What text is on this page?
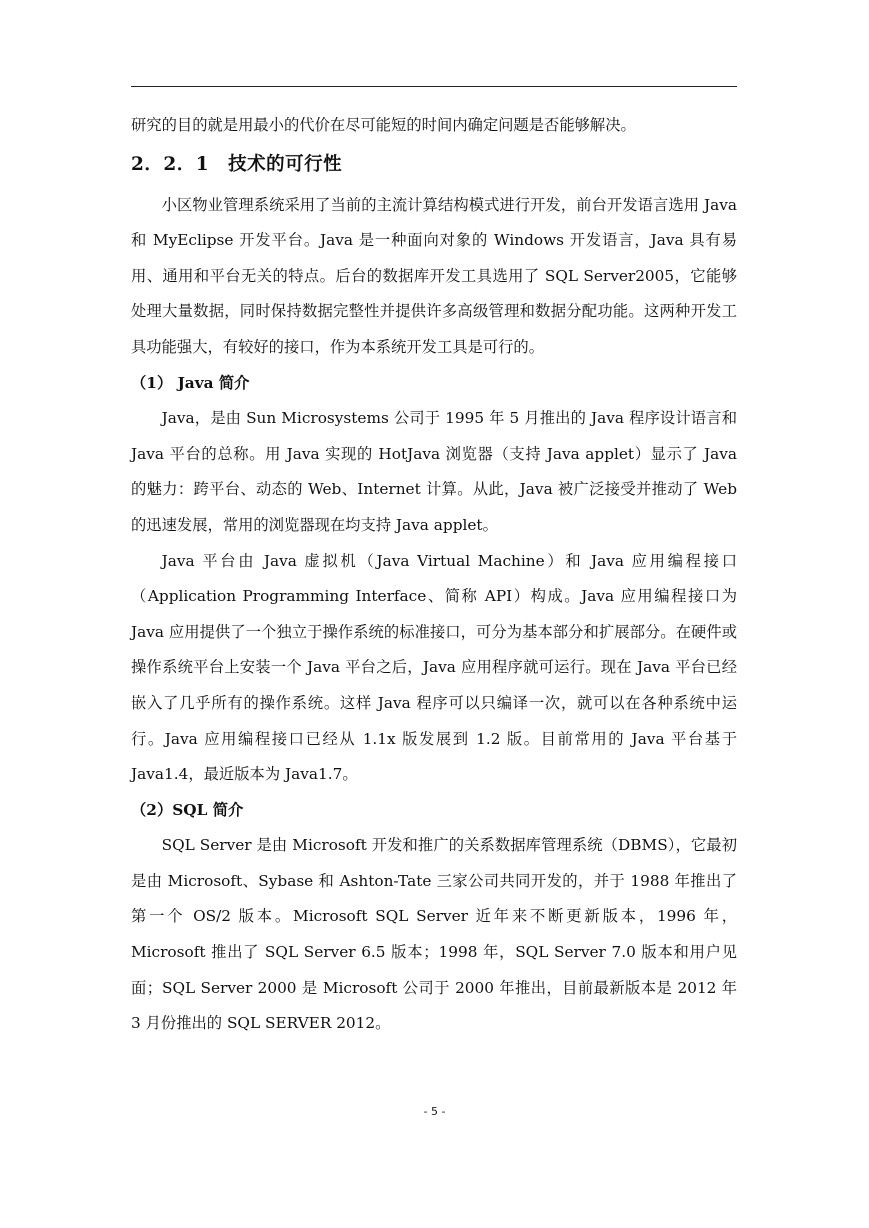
研究的目的就是用最小的代价在尽可能短的时间内确定问题是否能够解决。

2．2．1　技术的可行性

小区物业管理系统采用了当前的主流计算结构模式进行开发，前台开发语言选用 Java 和 MyEclipse 开发平台。Java 是一种面向对象的 Windows 开发语言，Java 具有易用、通用和平台无关的特点。后台的数据库开发工具选用了 SQL Server2005，它能够处理大量数据，同时保持数据完整性并提供许多高级管理和数据分配功能。这两种开发工具功能强大，有较好的接口，作为本系统开发工具是可行的。

（1） Java 简介

Java，是由 Sun Microsystems 公司于 1995 年 5 月推出的 Java 程序设计语言和 Java 平台的总称。用 Java 实现的 HotJava 浏览器（支持 Java applet）显示了 Java 的魅力：跨平台、动态的 Web、Internet 计算。从此，Java 被广泛接受并推动了 Web 的迅速发展，常用的浏览器现在均支持 Java applet。

Java 平台由 Java 虚拟机（Java Virtual Machine）和 Java 应用编程接口（Application Programming Interface、简称 API）构成。Java 应用编程接口为 Java 应用提供了一个独立于操作系统的标准接口，可分为基本部分和扩展部分。在硬件或操作系统平台上安装一个 Java 平台之后，Java 应用程序就可运行。现在 Java 平台已经嵌入了几乎所有的操作系统。这样 Java 程序可以只编译一次，就可以在各种系统中运行。Java 应用编程接口已经从 1.1x 版发展到 1.2 版。目前常用的 Java 平台基于 Java1.4，最近版本为 Java1.7。

（2）SQL 简介

SQL Server 是由 Microsoft 开发和推广的关系数据库管理系统（DBMS），它最初是由 Microsoft、Sybase 和 Ashton-Tate 三家公司共同开发的，并于 1988 年推出了第一个 OS/2 版本。Microsoft SQL Server 近年来不断更新版本，1996 年，Microsoft 推出了 SQL Server 6.5 版本；1998 年，SQL Server 7.0 版本和用户见面；SQL Server 2000 是 Microsoft 公司于 2000 年推出，目前最新版本是 2012 年 3 月份推出的 SQL SERVER 2012。

- 5 -
